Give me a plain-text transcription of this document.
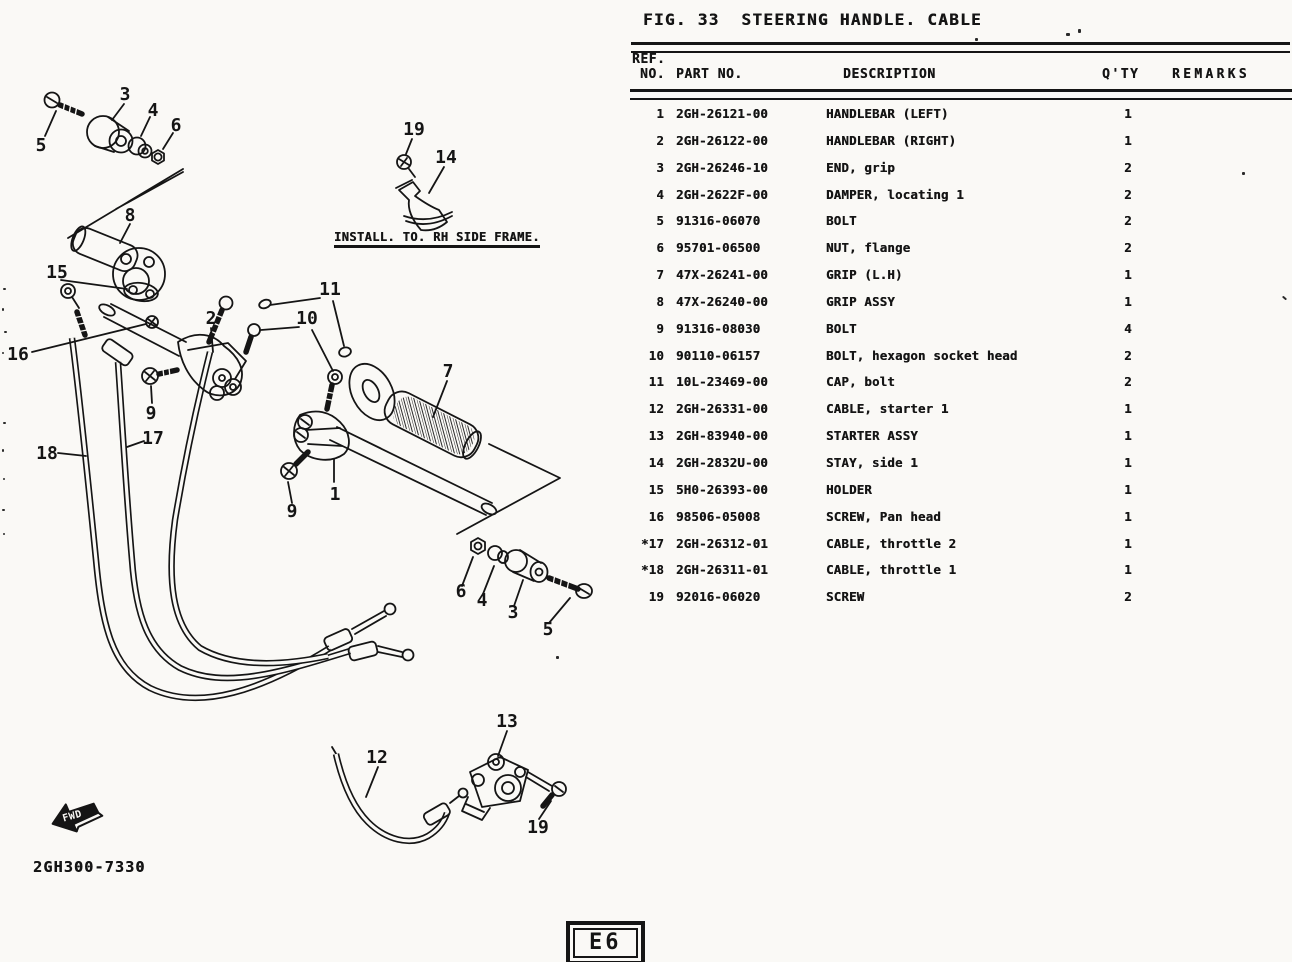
FIG. 33  STEERING HANDLE. CABLE
REF.
NO. PART NO.	DESCRIPTION	Q'TY	REMARKS
1 2GH-26121-00	HANDLEBAR (LEFT)	1
2 2GH-26122-00	HANDLEBAR (RIGHT)	1
3 2GH-26246-10	END, grip	2
4 2GH-2622F-00	DAMPER, locating 1	2
5 91316-06070	BOLT	2
6 95701-06500	NUT, flange	2
7 47X-26241-00	GRIP (L.H)	1
8 47X-26240-00	GRIP ASSY	1
9 91316-08030	BOLT	4
10 90110-06157	BOLT, hexagon socket head	2
11 10L-23469-00	CAP, bolt	2
12 2GH-26331-00	CABLE, starter 1	1
13 2GH-83940-00	STARTER ASSY	1
14 2GH-2832U-00	STAY, side 1	1
15 5H0-26393-00	HOLDER	1
16 98506-05008	SCREW, Pan head	1
*17 2GH-26312-01	CABLE, throttle 2	1
*18 2GH-26311-01	CABLE, throttle 1	1
19 92016-06020	SCREW	2
FWD
5
3
4
6	19
14
8
15
16
2
11
10
9
17
18
7
1
9
6 4
3
5
13
12
19
INSTALL. TO. RH SIDE FRAME.
2GH300-7330
E6
